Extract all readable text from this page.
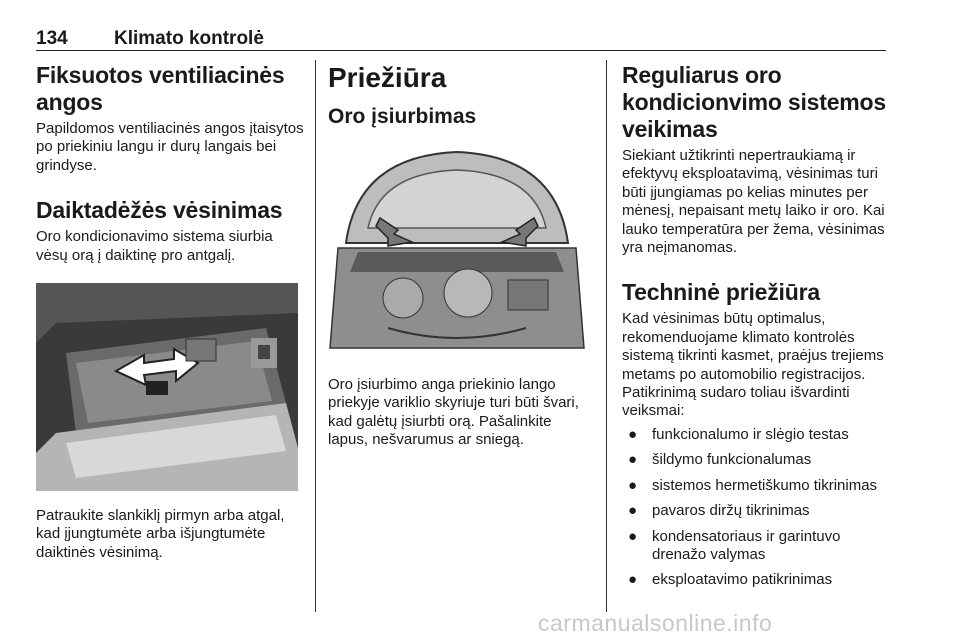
134 Klimato kontrolė
Fiksuotos ventiliacinės angos

Papildomos ventiliacinės angos įtaisytos po priekiniu langu ir durų langais bei grindyse.

Daiktadėžės vėsinimas

Oro kondicionavimo sistema siurbia vėsų orą į daiktinę pro antgalį.

Patraukite slankiklį pirmyn arba atgal, kad įjungtumėte arba išjungtumėte daiktinės vėsinimą.

Priežiūra
Oro įsiurbimas

Oro įsiurbimo anga priekinio lango priekyje variklio skyriuje turi būti švari, kad galėtų įsiurbti orą. Pašalinkite lapus, nešvarumus ar sniegą.

Reguliarus oro kondicionvimo sistemos veikimas

Siekiant užtikrinti nepertraukiamą ir efektyvų eksploatavimą, vėsinimas turi būti įjungiamas po kelias minutes per mėnesį, nepaisant metų laiko ir oro. Kai lauko temperatūra per žema, vėsinimas yra neįmanomas.

Techninė priežiūra

Kad vėsinimas būtų optimalus, rekomenduojame klimato kontrolės sistemą tikrinti kasmet, praėjus trejiems metams po automobilio registracijos. Patikrinimą sudaro toliau išvardinti veiksmai:

● funkcionalumo ir slėgio testas
● šildymo funkcionalumas
● sistemos hermetiškumo tikrinimas
● pavaros diržų tikrinimas
● kondensatoriaus ir garintuvo drenažo valymas
● eksploatavimo patikrinimas
carmanualsonline.info
